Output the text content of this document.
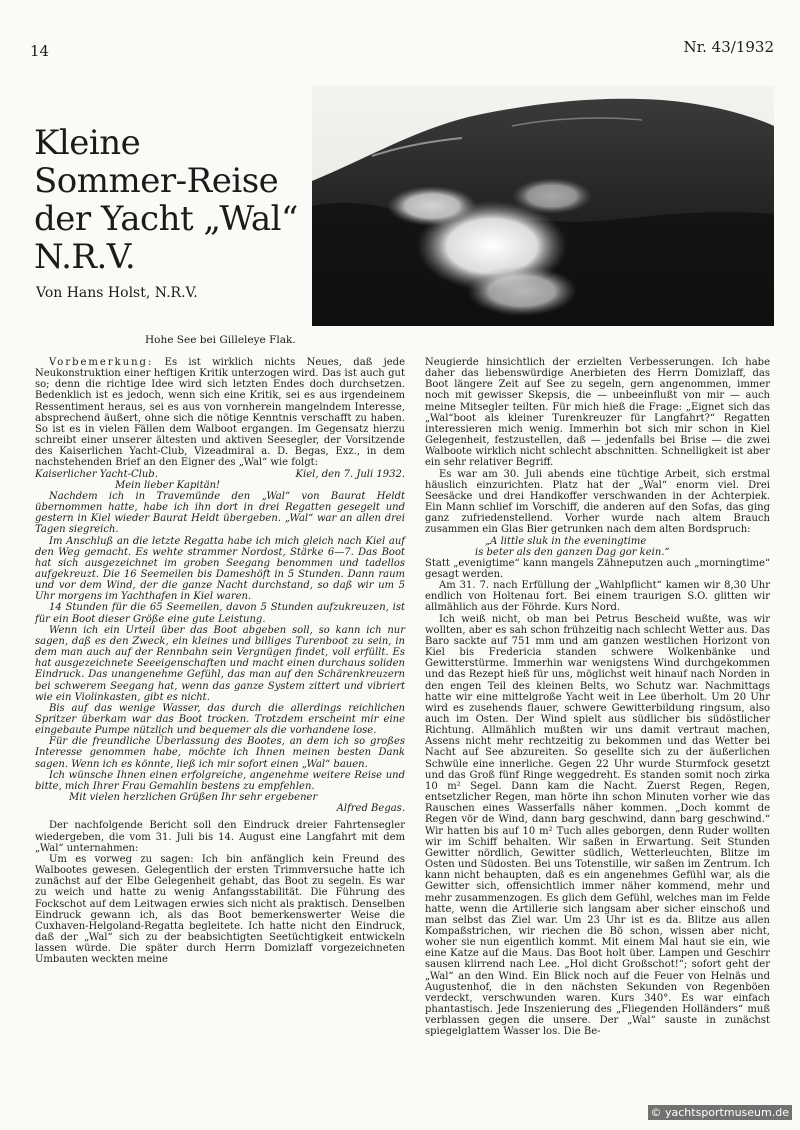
14	Nr. 43/1932
Kleine
Sommer-Reise
der Yacht „Wal“
N.R.V.
Von Hans Holst, N.R.V.
Hohe See bei Gilleleye Flak.

Vorbemerkung: Es ist wirklich nichts Neues, daß jede Neukonstruktion einer heftigen Kritik unterzogen wird. Das ist auch gut so; denn die richtige Idee wird sich letzten Endes doch durchsetzen. Bedenklich ist es jedoch, wenn sich eine Kritik, sei es aus irgendeinem Ressentiment heraus, sei es aus von vornherein mangelndem Interesse, absprechend äußert, ohne sich die nötige Kenntnis verschafft zu haben. So ist es in vielen Fällen dem Walboot ergangen. Im Gegensatz hierzu schreibt einer unserer ältesten und aktiven Seesegler, der Vorsitzende des Kaiserlichen Yacht-Club, Vizeadmiral a. D. Begas, Exz., in dem nachstehenden Brief an den Eigner des „Wal“ wie folgt:

Kaiserlicher Yacht-Club.	Kiel, den 7. Juli 1932.

Mein lieber Kapitän!

Nachdem ich in Travemünde den „Wal“ von Baurat Heldt übernommen hatte, habe ich ihn dort in drei Regatten gesegelt und gestern in Kiel wieder Baurat Heldt übergeben. „Wal“ war an allen drei Tagen siegreich.

Im Anschluß an die letzte Regatta habe ich mich gleich nach Kiel auf den Weg gemacht. Es wehte strammer Nordost, Stärke 6—7. Das Boot hat sich ausgezeichnet im groben Seegang benommen und tadellos aufgekreuzt. Die 16 Seemeilen bis Dameshöft in 5 Stunden. Dann raum und vor dem Wind, der die ganze Nacht durchstand, so daß wir um 5 Uhr morgens im Yachthafen in Kiel waren.

14 Stunden für die 65 Seemeilen, davon 5 Stunden aufzukreuzen, ist für ein Boot dieser Größe eine gute Leistung.

Wenn ich ein Urteil über das Boot abgeben soll, so kann ich nur sagen, daß es den Zweck, ein kleines und billiges Turenboot zu sein, in dem man auch auf der Rennbahn sein Vergnügen findet, voll erfüllt. Es hat ausgezeichnete Seeeigenschaften und macht einen durchaus soliden Eindruck. Das unangenehme Gefühl, das man auf den Schärenkreuzern bei schwerem Seegang hat, wenn das ganze System zittert und vibriert wie ein Violinkasten, gibt es nicht.

Bis auf das wenige Wasser, das durch die allerdings reichlichen Spritzer überkam war das Boot trocken. Trotzdem erscheint mir eine eingebaute Pumpe nützlich und bequemer als die vorhandene lose.

Für die freundliche Überlassung des Bootes, an dem ich so großes Interesse genommen habe, möchte ich Ihnen meinen besten Dank sagen. Wenn ich es könnte, ließ ich mir sofort einen „Wal“ bauen.

Ich wünsche Ihnen einen erfolgreiche, angenehme weitere Reise und bitte, mich Ihrer Frau Gemahlin bestens zu empfehlen.

Mit vielen herzlichen Grüßen Ihr sehr ergebener

Alfred Begas.

Der nachfolgende Bericht soll den Eindruck dreier Fahrtensegler wiedergeben, die vom 31. Juli bis 14. August eine Langfahrt mit dem „Wal“ unternahmen:

Um es vorweg zu sagen: Ich bin anfänglich kein Freund des Walbootes gewesen. Gelegentlich der ersten Trimmversuche hatte ich zunächst auf der Elbe Gelegenheit gehabt, das Boot zu segeln. Es war zu weich und hatte zu wenig Anfangsstabilität. Die Führung des Fockschot auf dem Leitwagen erwies sich nicht als praktisch. Denselben Eindruck gewann ich, als das Boot bemerkenswerter Weise die Cuxhaven-Helgoland-Regatta begleitete. Ich hatte nicht den Eindruck, daß der „Wal“ sich zu der beabsichtigten Seetüchtigkeit entwickeln lassen würde. Die später durch Herrn Domizlaff vorgezeichneten Umbauten weckten meine

Neugierde hinsichtlich der erzielten Verbesserungen. Ich habe daher das liebenswürdige Anerbieten des Herrn Domizlaff, das Boot längere Zeit auf See zu segeln, gern angenommen, immer noch mit gewisser Skepsis, die — unbeeinflußt von mir — auch meine Mitsegler teilten. Für mich hieß die Frage: „Eignet sich das „Wal“boot als kleiner Turenkreuzer für Langfahrt?“ Regatten interessieren mich wenig. Immerhin bot sich mir schon in Kiel Gelegenheit, festzustellen, daß — jedenfalls bei Brise — die zwei Walboote wirklich nicht schlecht abschnitten. Schnelligkeit ist aber ein sehr relativer Begriff.

Es war am 30. Juli abends eine tüchtige Arbeit, sich erstmal häuslich einzurichten. Platz hat der „Wal“ enorm viel. Drei Seesäcke und drei Handkoffer verschwanden in der Achterpiek. Ein Mann schlief im Vorschiff, die anderen auf den Sofas, das ging ganz zufriedenstellend. Vorher wurde nach altem Brauch zusammen ein Glas Bier getrunken nach dem alten Bordspruch:

„A little sluk in the eveningtime
is beter als den ganzen Dag gor kein.“

Statt „evenigtime“ kann mangels Zähneputzen auch „morningtime“ gesagt werden.

Am 31. 7. nach Erfüllung der „Wahlpflicht“ kamen wir 8,30 Uhr endlich von Holtenau fort. Bei einem traurigen S.O. glitten wir allmählich aus der Föhrde. Kurs Nord.

Ich weiß nicht, ob man bei Petrus Bescheid wußte, was wir wollten, aber es sah schon frühzeitig nach schlecht Wetter aus. Das Baro sackte auf 751 mm und am ganzen westlichen Horizont von Kiel bis Fredericia standen schwere Wolkenbänke und Gewitterstürme. Immerhin war wenigstens Wind durchgekommen und das Rezept hieß für uns, möglichst weit hinauf nach Norden in den engen Teil des kleinen Belts, wo Schutz war. Nachmittags hatte wir eine mittelgroße Yacht weit in Lee überholt. Um 20 Uhr wird es zusehends flauer, schwere Gewitterbildung ringsum, also auch im Osten. Der Wind spielt aus südlicher bis südöstlicher Richtung. Allmählich mußten wir uns damit vertraut machen, Assens nicht mehr rechtzeitig zu bekommen und das Wetter bei Nacht auf See abzureiten. So gesellte sich zu der äußerlichen Schwüle eine innerliche. Gegen 22 Uhr wurde Sturmfock gesetzt und das Groß fünf Ringe weggedreht. Es standen somit noch zirka 10 m² Segel. Dann kam die Nacht. Zuerst Regen, Regen, entsetzlicher Regen, man hörte ihn schon Minuten vorher wie das Rauschen eines Wasserfalls näher kommen. „Doch kommt de Regen vör de Wind, dann barg geschwind, dann barg geschwind.“ Wir hatten bis auf 10 m² Tuch alles geborgen, denn Ruder wollten wir im Schiff behalten. Wir saßen in Erwartung. Seit Stunden Gewitter nördlich, Gewitter südlich, Wetterleuchten, Blitze im Osten und Südosten. Bei uns Totenstille, wir saßen im Zentrum. Ich kann nicht behaupten, daß es ein angenehmes Gefühl war, als die Gewitter sich, offensichtlich immer näher kommend, mehr und mehr zusammenzogen. Es glich dem Gefühl, welches man im Felde hatte, wenn die Artillerie sich langsam aber sicher einschoß und man selbst das Ziel war. Um 23 Uhr ist es da. Blitze aus allen Kompaßstrichen, wir riechen die Bö schon, wissen aber nicht, woher sie nun eigentlich kommt. Mit einem Mal haut sie ein, wie eine Katze auf die Maus. Das Boot holt über. Lampen und Geschirr sausen klirrend nach Lee. „Hol dicht Großschot!“; sofort geht der „Wal“ an den Wind. Ein Blick noch auf die Feuer von Helnäs und Augustenhof, die in den nächsten Sekunden von Regenböen verdeckt, verschwunden waren. Kurs 340°. Es war einfach phantastisch. Jede Inszenierung des „Fliegenden Holländers“ muß verblassen gegen die unsere. Der „Wal“ sauste in zunächst spiegelglattem Wasser los. Die Be-

© yachtsportmuseum.de
